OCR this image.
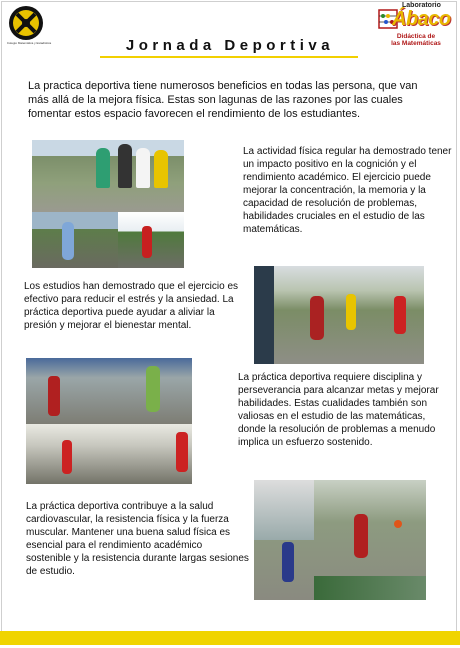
Colegio Matemática y Estadística
Laboratorio
Ábaco
Didáctica de
las Matemáticas
Jornada Deportiva
La practica deportiva tiene numerosos beneficios en todas las persona, que van más allá de la mejora física. Estas son lagunas de las razones por las cuales fomentar estos espacio favorecen el rendimiento de los estudiantes.
La actividad física regular ha demostrado tener un impacto positivo en la cognición y el rendimiento académico. El ejercicio puede mejorar la concentración, la memoria y la capacidad de resolución de problemas, habilidades cruciales en el estudio de las matemáticas.
Los estudios han demostrado que el ejercicio es efectivo para reducir el estrés y la ansiedad. La práctica deportiva puede ayudar a aliviar la presión y mejorar el bienestar mental.
La práctica deportiva requiere disciplina y perseverancia para alcanzar metas y mejorar habilidades. Estas cualidades también son valiosas en el estudio de las matemáticas, donde la resolución de problemas a menudo implica un esfuerzo sostenido.
La práctica deportiva contribuye a la salud cardiovascular, la resistencia física y la fuerza muscular. Mantener una buena salud física es esencial para el rendimiento académico sostenible y la resistencia durante largas sesiones de estudio.
